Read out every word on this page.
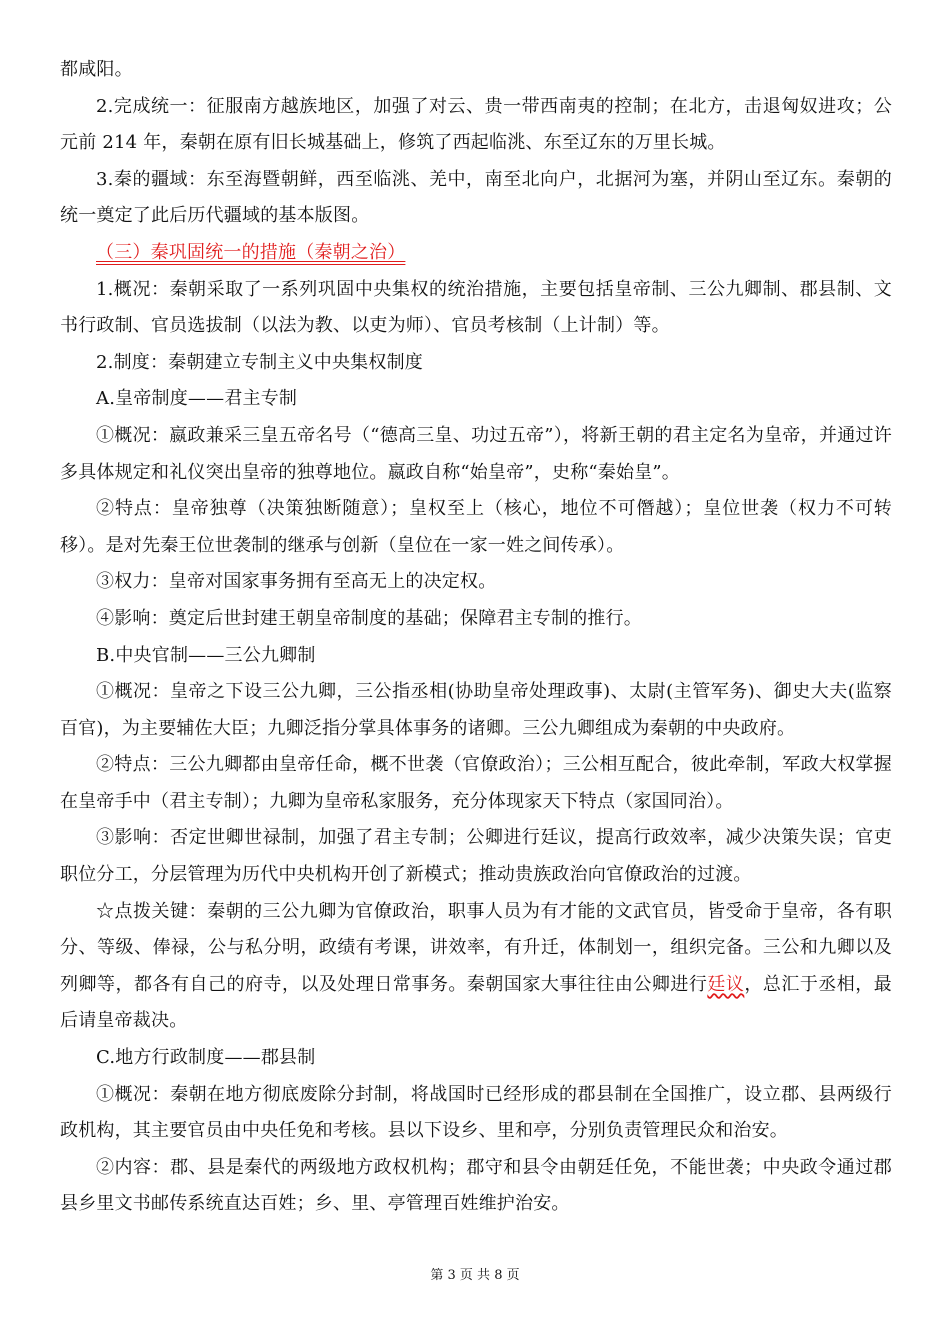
都咸阳。

2.完成统一：征服南方越族地区，加强了对云、贵一带西南夷的控制；在北方，击退匈奴进攻；公元前 214 年，秦朝在原有旧长城基础上，修筑了西起临洮、东至辽东的万里长城。

3.秦的疆域：东至海暨朝鲜，西至临洮、羌中，南至北向户，北据河为塞，并阴山至辽东。秦朝的统一奠定了此后历代疆域的基本版图。

（三）秦巩固统一的措施（秦朝之治）

1.概况：秦朝采取了一系列巩固中央集权的统治措施，主要包括皇帝制、三公九卿制、郡县制、文书行政制、官员选拔制（以法为教、以吏为师）、官员考核制（上计制）等。

2.制度：秦朝建立专制主义中央集权制度

A.皇帝制度——君主专制

①概况：嬴政兼采三皇五帝名号（“德高三皇、功过五帝”），将新王朝的君主定名为皇帝，并通过许多具体规定和礼仪突出皇帝的独尊地位。嬴政自称“始皇帝”，史称“秦始皇”。

②特点：皇帝独尊（决策独断随意）；皇权至上（核心，地位不可僭越）；皇位世袭（权力不可转移）。是对先秦王位世袭制的继承与创新（皇位在一家一姓之间传承）。

③权力：皇帝对国家事务拥有至高无上的决定权。

④影响：奠定后世封建王朝皇帝制度的基础；保障君主专制的推行。

B.中央官制——三公九卿制

①概况：皇帝之下设三公九卿，三公指丞相(协助皇帝处理政事)、太尉(主管军务)、御史大夫(监察百官)，为主要辅佐大臣；九卿泛指分掌具体事务的诸卿。三公九卿组成为秦朝的中央政府。

②特点：三公九卿都由皇帝任命，概不世袭（官僚政治）；三公相互配合，彼此牵制，军政大权掌握在皇帝手中（君主专制）；九卿为皇帝私家服务，充分体现家天下特点（家国同治）。

③影响：否定世卿世禄制，加强了君主专制；公卿进行廷议，提高行政效率，减少决策失误；官吏职位分工，分层管理为历代中央机构开创了新模式；推动贵族政治向官僚政治的过渡。

☆点拨关键：秦朝的三公九卿为官僚政治，职事人员为有才能的文武官员，皆受命于皇帝，各有职分、等级、俸禄，公与私分明，政绩有考课，讲效率，有升迁，体制划一，组织完备。三公和九卿以及列卿等，都各有自己的府寺，以及处理日常事务。秦朝国家大事往往由公卿进行廷议，总汇于丞相，最后请皇帝裁决。

C.地方行政制度——郡县制

①概况：秦朝在地方彻底废除分封制，将战国时已经形成的郡县制在全国推广，设立郡、县两级行政机构，其主要官员由中央任免和考核。县以下设乡、里和亭，分别负责管理民众和治安。

②内容：郡、县是秦代的两级地方政权机构；郡守和县令由朝廷任免，不能世袭；中央政令通过郡县乡里文书邮传系统直达百姓；乡、里、亭管理百姓维护治安。

第 3 页 共 8 页
